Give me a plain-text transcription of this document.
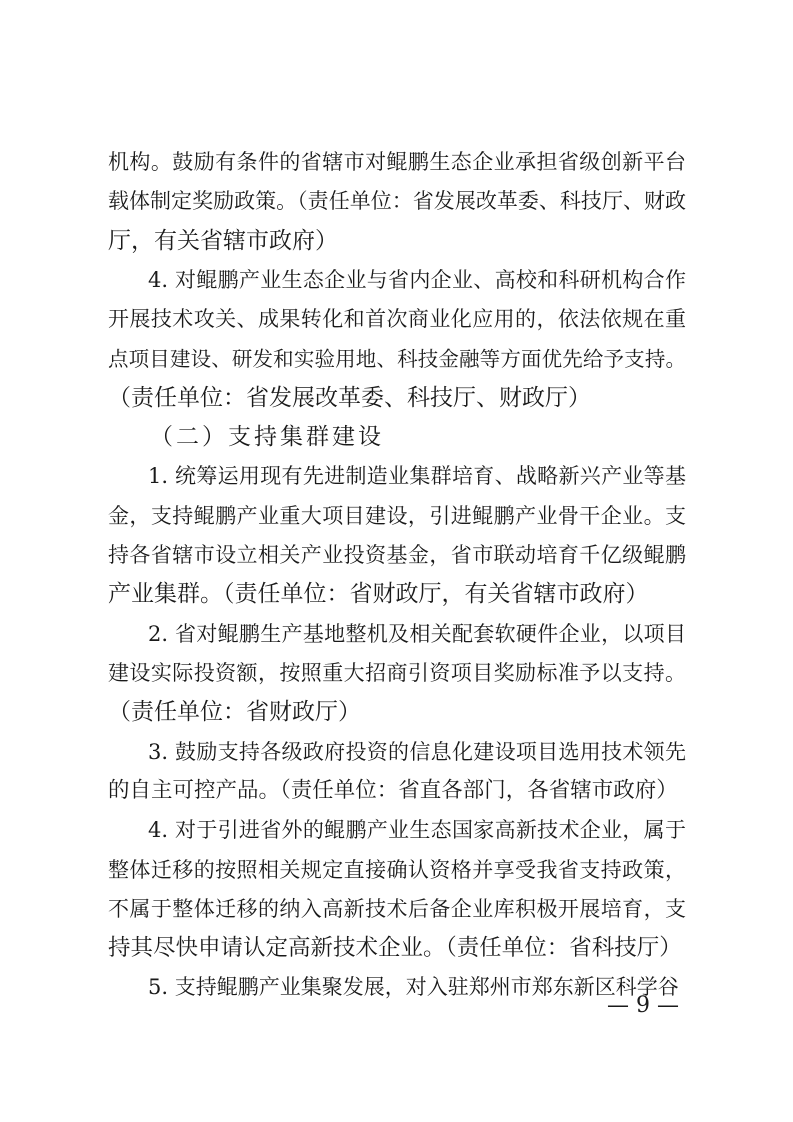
机构。鼓励有条件的省辖市对鲲鹏生态企业承担省级创新平台
载体制定奖励政策。（责任单位：省发展改革委、科技厅、财政
厅，有关省辖市政府）
4. 对鲲鹏产业生态企业与省内企业、高校和科研机构合作
开展技术攻关、成果转化和首次商业化应用的，依法依规在重
点项目建设、研发和实验用地、科技金融等方面优先给予支持。
（责任单位：省发展改革委、科技厅、财政厅）
（二）支持集群建设
1. 统筹运用现有先进制造业集群培育、战略新兴产业等基
金，支持鲲鹏产业重大项目建设，引进鲲鹏产业骨干企业。支
持各省辖市设立相关产业投资基金，省市联动培育千亿级鲲鹏
产业集群。（责任单位：省财政厅，有关省辖市政府）
2. 省对鲲鹏生产基地整机及相关配套软硬件企业，以项目
建设实际投资额，按照重大招商引资项目奖励标准予以支持。
（责任单位：省财政厅）
3. 鼓励支持各级政府投资的信息化建设项目选用技术领先
的自主可控产品。（责任单位：省直各部门，各省辖市政府）
4. 对于引进省外的鲲鹏产业生态国家高新技术企业，属于
整体迁移的按照相关规定直接确认资格并享受我省支持政策，
不属于整体迁移的纳入高新技术后备企业库积极开展培育，支
持其尽快申请认定高新技术企业。（责任单位：省科技厅）
5. 支持鲲鹏产业集聚发展，对入驻郑州市郑东新区科学谷
— 9 —
